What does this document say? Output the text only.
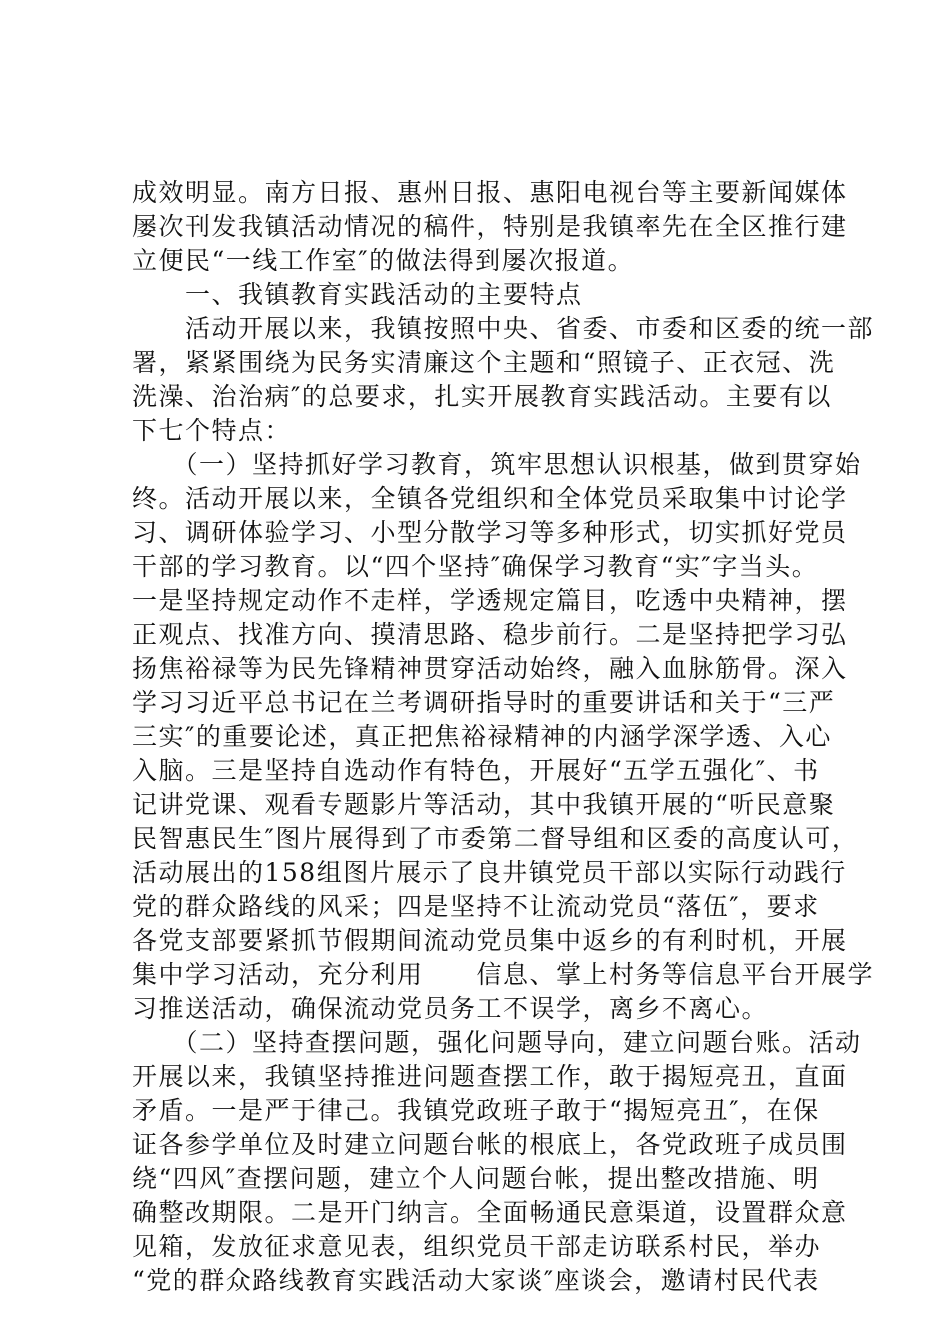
成效明显。南方日报、惠州日报、惠阳电视台等主要新闻媒体
屡次刊发我镇活动情况的稿件，特别是我镇率先在全区推行建
立便民“一线工作室″的做法得到屡次报道。
　　一、我镇教育实践活动的主要特点
　　活动开展以来，我镇按照中央、省委、市委和区委的统一部
署，紧紧围绕为民务实清廉这个主题和“照镜子、正衣冠、洗
洗澡、治治病″的总要求，扎实开展教育实践活动。主要有以
下七个特点：
　　（一）坚持抓好学习教育，筑牢思想认识根基，做到贯穿始
终。活动开展以来，全镇各党组织和全体党员采取集中讨论学
习、调研体验学习、小型分散学习等多种形式，切实抓好党员
干部的学习教育。以“四个坚持″确保学习教育“实″字当头。
一是坚持规定动作不走样，学透规定篇目，吃透中央精神，摆
正观点、找准方向、摸清思路、稳步前行。二是坚持把学习弘
扬焦裕禄等为民先锋精神贯穿活动始终，融入血脉筋骨。深入
学习习近平总书记在兰考调研指导时的重要讲话和关于“三严
三实″的重要论述，真正把焦裕禄精神的内涵学深学透、入心
入脑。三是坚持自选动作有特色，开展好“五学五强化″、书
记讲党课、观看专题影片等活动，其中我镇开展的“听民意聚
民智惠民生″图片展得到了市委第二督导组和区委的高度认可，
活动展出的158组图片展示了良井镇党员干部以实际行动践行
党的群众路线的风采；四是坚持不让流动党员“落伍″，要求
各党支部要紧抓节假期间流动党员集中返乡的有利时机，开展
集中学习活动，充分利用　　信息、掌上村务等信息平台开展学
习推送活动，确保流动党员务工不误学，离乡不离心。
　　（二）坚持查摆问题，强化问题导向，建立问题台账。活动
开展以来，我镇坚持推进问题查摆工作，敢于揭短亮丑，直面
矛盾。一是严于律己。我镇党政班子敢于“揭短亮丑″，在保
证各参学单位及时建立问题台帐的根底上，各党政班子成员围
绕“四风″查摆问题，建立个人问题台帐，提出整改措施、明
确整改期限。二是开门纳言。全面畅通民意渠道，设置群众意
见箱，发放征求意见表，组织党员干部走访联系村民，举办
“党的群众路线教育实践活动大家谈″座谈会，邀请村民代表
